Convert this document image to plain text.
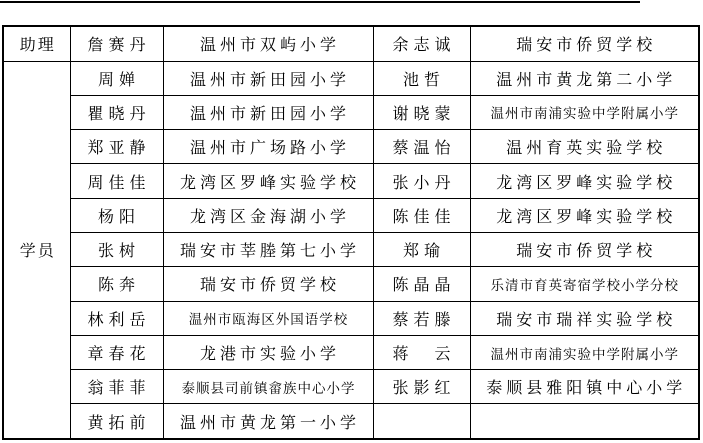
助理	詹赛丹	温州市双屿小学	余志诚	瑞安市侨贸学校
学员	周婵	温州市新田园小学	池哲	温州市黄龙第二小学
	瞿晓丹	温州市新田园小学	谢晓蒙	温州市南浦实验中学附属小学
	郑亚静	温州市广场路小学	蔡温怡	温州育英实验学校
	周佳佳	龙湾区罗峰实验学校	张小丹	龙湾区罗峰实验学校
	杨阳	龙湾区金海湖小学	陈佳佳	龙湾区罗峰实验学校
	张树	瑞安市莘塍第七小学	郑瑜	瑞安市侨贸学校
	陈奔	瑞安市侨贸学校	陈晶晶	乐清市育英寄宿学校小学分校
	林利岳	温州市瓯海区外国语学校	蔡若滕	瑞安市瑞祥实验学校
	章春花	龙港市实验小学	蒋　云	温州市南浦实验中学附属小学
	翁菲菲	泰顺县司前镇畲族中心小学	张影红	泰顺县雅阳镇中心小学
	黄拓前	温州市黄龙第一小学		
